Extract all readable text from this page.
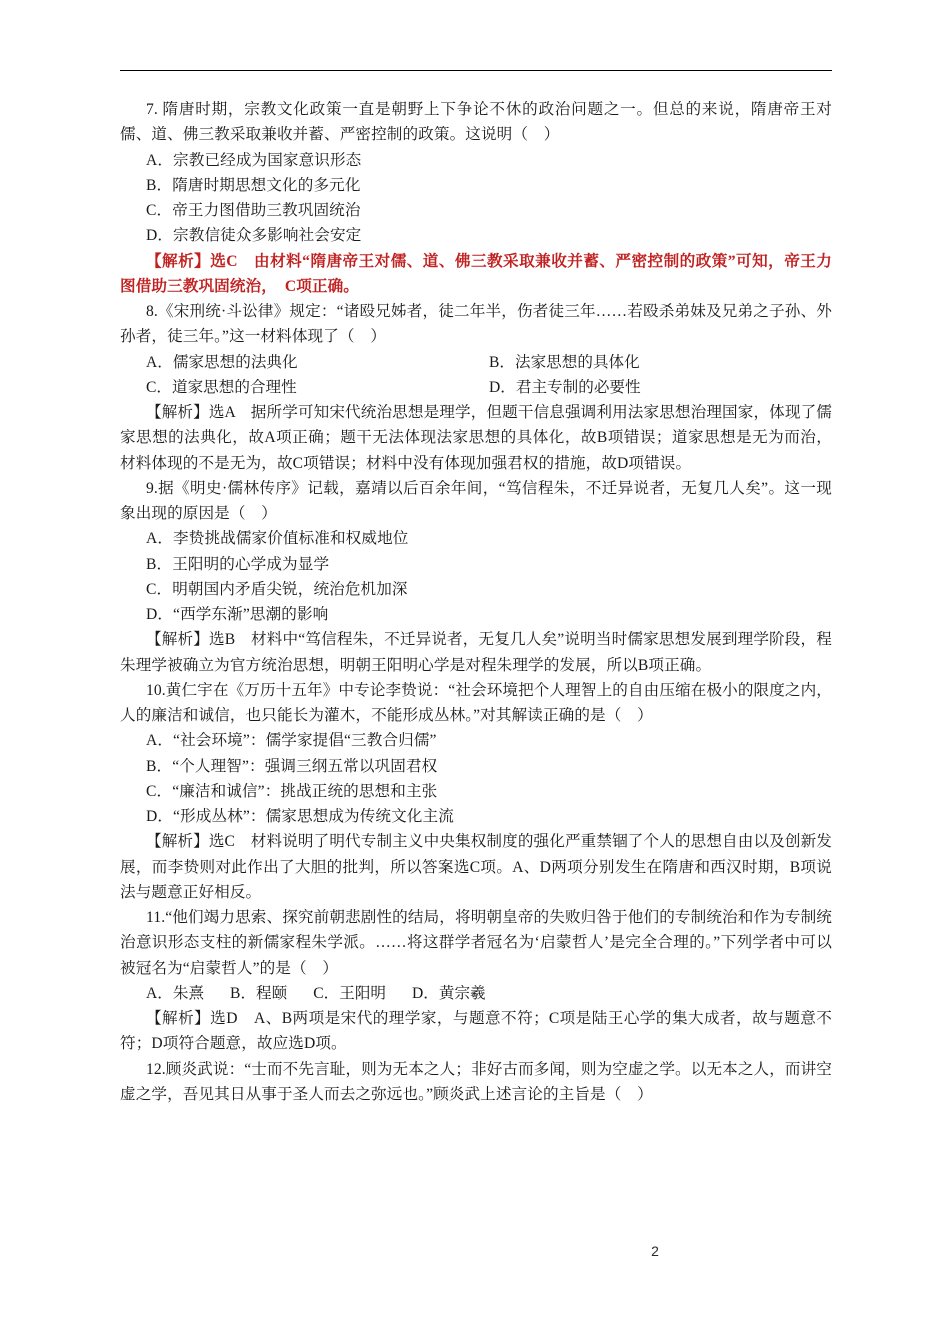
7. 隋唐时期，宗教文化政策一直是朝野上下争论不休的政治问题之一。但总的来说，隋唐帝王对儒、道、佛三教采取兼收并蓄、严密控制的政策。这说明（　）

A．宗教已经成为国家意识形态

B．隋唐时期思想文化的多元化

C．帝王力图借助三教巩固统治

D．宗教信徒众多影响社会安定

【解析】选C　由材料“隋唐帝王对儒、道、佛三教采取兼收并蓄、严密控制的政策”可知，帝王力图借助三教巩固统治，　C项正确。

8.《宋刑统·斗讼律》规定：“诸殴兄姊者，徒二年半，伤者徒三年……若殴杀弟妹及兄弟之子孙、外孙者，徒三年。”这一材料体现了（　）

A．儒家思想的法典化	B．法家思想的具体化
C．道家思想的合理性	D．君主专制的必要性

【解析】选A　据所学可知宋代统治思想是理学，但题干信息强调利用法家思想治理国家，体现了儒家思想的法典化，故A项正确；题干无法体现法家思想的具体化，故B项错误；道家思想是无为而治，材料体现的不是无为，故C项错误；材料中没有体现加强君权的措施，故D项错误。

9.据《明史·儒林传序》记载，嘉靖以后百余年间，“笃信程朱，不迁异说者，无复几人矣”。这一现象出现的原因是（　）

A．李贽挑战儒家价值标准和权威地位

B．王阳明的心学成为显学

C．明朝国内矛盾尖锐，统治危机加深

D．“西学东渐”思潮的影响

【解析】选B　材料中“笃信程朱，不迁异说者，无复几人矣”说明当时儒家思想发展到理学阶段，程朱理学被确立为官方统治思想，明朝王阳明心学是对程朱理学的发展，所以B项正确。

10.黄仁宇在《万历十五年》中专论李贽说：“社会环境把个人理智上的自由压缩在极小的限度之内，人的廉洁和诚信，也只能长为灌木，不能形成丛林。”对其解读正确的是（　）

A．“社会环境”：儒学家提倡“三教合归儒”

B．“个人理智”：强调三纲五常以巩固君权

C．“廉洁和诚信”：挑战正统的思想和主张

D．“形成丛林”：儒家思想成为传统文化主流

【解析】选C　材料说明了明代专制主义中央集权制度的强化严重禁锢了个人的思想自由以及创新发展，而李贽则对此作出了大胆的批判，所以答案选C项。A、D两项分别发生在隋唐和西汉时期，B项说法与题意正好相反。

11.“他们竭力思索、探究前朝悲剧性的结局，将明朝皇帝的失败归咎于他们的专制统治和作为专制统治意识形态支柱的新儒家程朱学派。……将这群学者冠名为‘启蒙哲人’是完全合理的。”下列学者中可以被冠名为“启蒙哲人”的是（　）

A．朱熹 B．程颐 C．王阳明 D．黄宗羲

【解析】选D　A、B两项是宋代的理学家，与题意不符；C项是陆王心学的集大成者，故与题意不符；D项符合题意，故应选D项。

12.顾炎武说：“士而不先言耻，则为无本之人；非好古而多闻，则为空虚之学。以无本之人，而讲空虚之学，吾见其日从事于圣人而去之弥远也。”顾炎武上述言论的主旨是（　）

2
